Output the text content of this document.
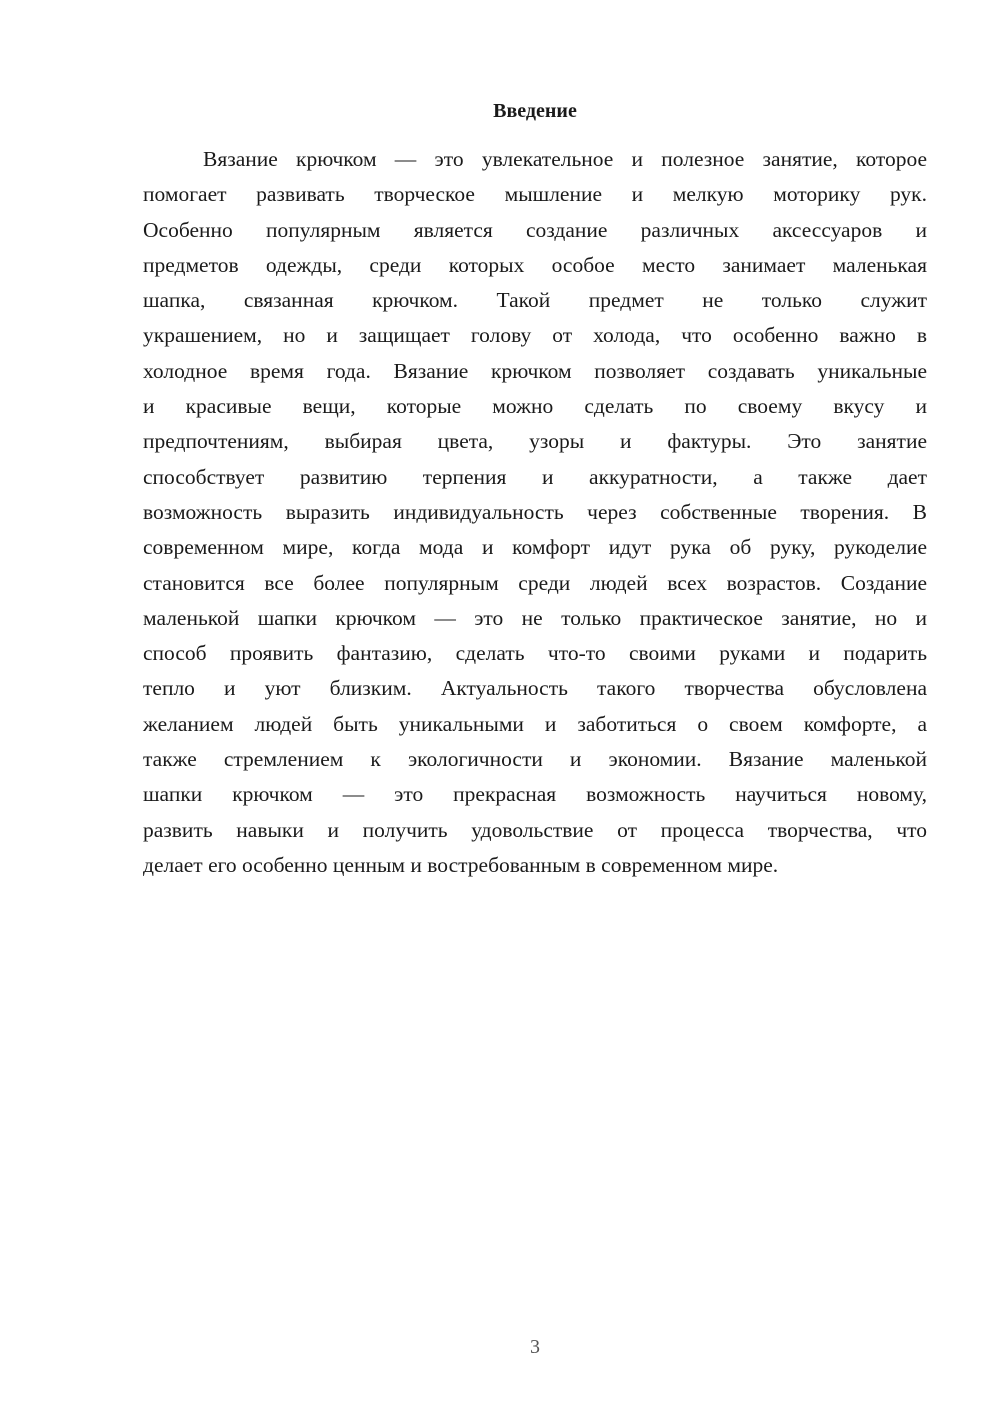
Введение
Вязание крючком — это увлекательное и полезное занятие, которое
помогает развивать творческое мышление и мелкую моторику рук.
Особенно популярным является создание различных аксессуаров и
предметов одежды, среди которых особое место занимает маленькая
шапка, связанная крючком. Такой предмет не только служит
украшением, но и защищает голову от холода, что особенно важно в
холодное время года. Вязание крючком позволяет создавать уникальные
и красивые вещи, которые можно сделать по своему вкусу и
предпочтениям, выбирая цвета, узоры и фактуры. Это занятие
способствует развитию терпения и аккуратности, а также дает
возможность выразить индивидуальность через собственные творения. В
современном мире, когда мода и комфорт идут рука об руку, рукоделие
становится все более популярным среди людей всех возрастов. Создание
маленькой шапки крючком — это не только практическое занятие, но и
способ проявить фантазию, сделать что-то своими руками и подарить
тепло и уют близким. Актуальность такого творчества обусловлена
желанием людей быть уникальными и заботиться о своем комфорте, а
также стремлением к экологичности и экономии. Вязание маленькой
шапки крючком — это прекрасная возможность научиться новому,
развить навыки и получить удовольствие от процесса творчества, что
делает его особенно ценным и востребованным в современном мире.
3
